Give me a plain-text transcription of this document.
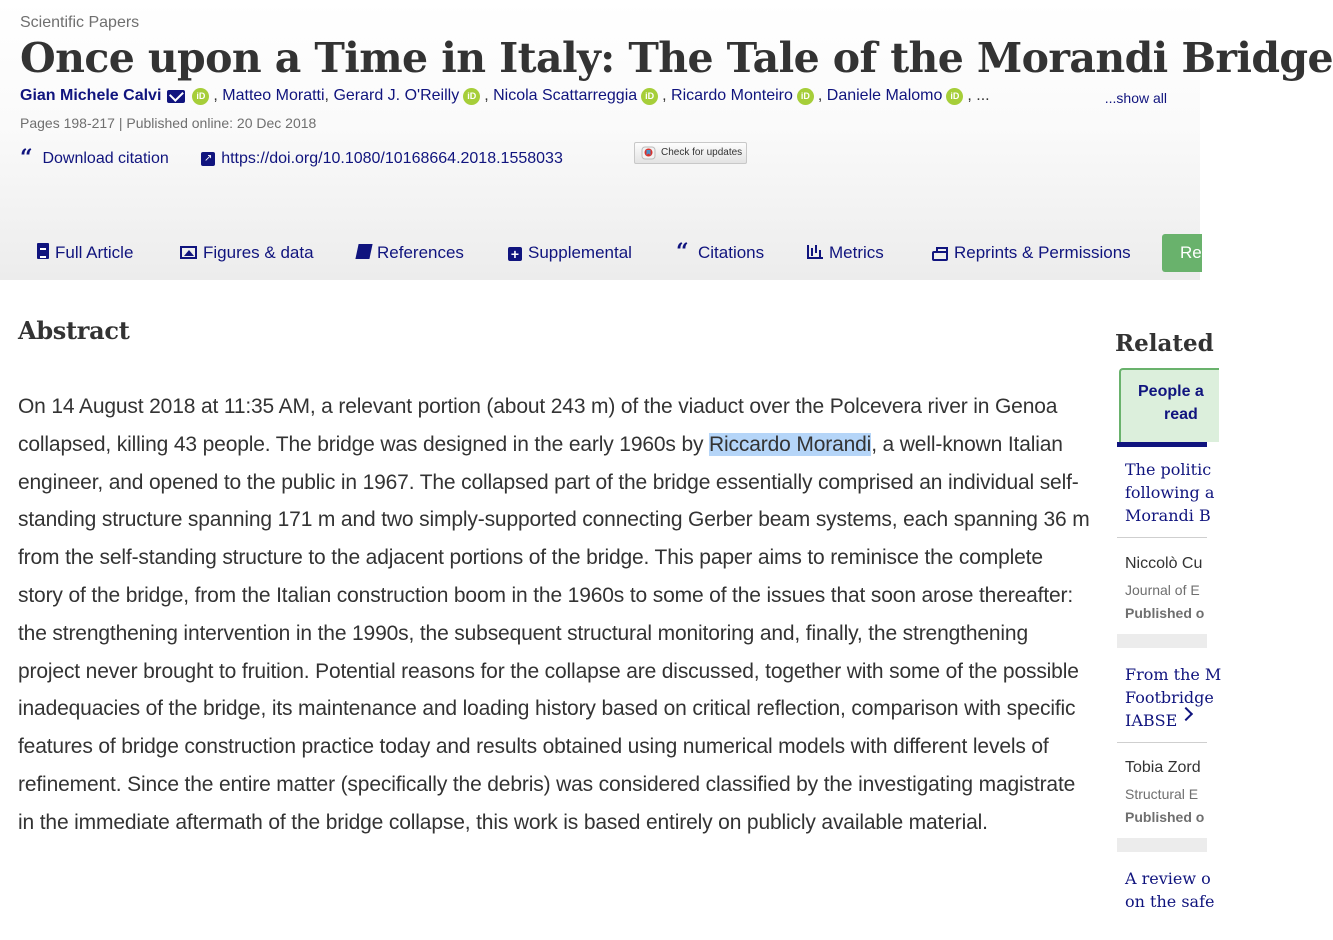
Scientific Papers
Once upon a Time in Italy: The Tale of the Morandi Bridge
Gian Michele Calvi	iD , Matteo Moratti, Gerard J. O'Reilly iD , Nicola Scattarreggia iD , Ricardo Monteiro iD , Daniele Malomo iD , ...	...show all
Pages 198-217 | Published online: 20 Dec 2018
“ Download citation	↗ https://doi.org/10.1080/10168664.2018.1558033	Check for updates
Full Article	Figures & data	References	+ Supplemental “ Citations	Metrics	Reprints & Permissions	Re
Abstract
On 14 August 2018 at 11:35 AM, a relevant portion (about 243 m) of the viaduct over the Polcevera river in Genoa collapsed, killing 43 people. The bridge was designed in the early 1960s by Riccardo Morandi, a well-known Italian engineer, and opened to the public in 1967. The collapsed part of the bridge essentially comprised an individual self-standing structure spanning 171 m and two simply-supported connecting Gerber beam systems, each spanning 36 m from the self-standing structure to the adjacent portions of the bridge. This paper aims to reminisce the complete story of the bridge, from the Italian construction boom in the 1960s to some of the issues that soon arose thereafter: the strengthening intervention in the 1990s, the subsequent structural monitoring and, finally, the strengthening project never brought to fruition. Potential reasons for the collapse are discussed, together with some of the possible inadequacies of the bridge, its maintenance and loading history based on critical reflection, comparison with specific features of bridge construction practice today and results obtained using numerical models with different levels of refinement. Since the entire matter (specifically the debris) was considered classified by the investigating magistrate in the immediate aftermath of the bridge collapse, this work is based entirely on publicly available material.
Related
People a
read
The politic
following a
Morandi B
Niccolò Cu
Journal of E
Published o
From the M
Footbridge
IABSE
Tobia Zord
Structural E
Published o
A review o
on the safe
